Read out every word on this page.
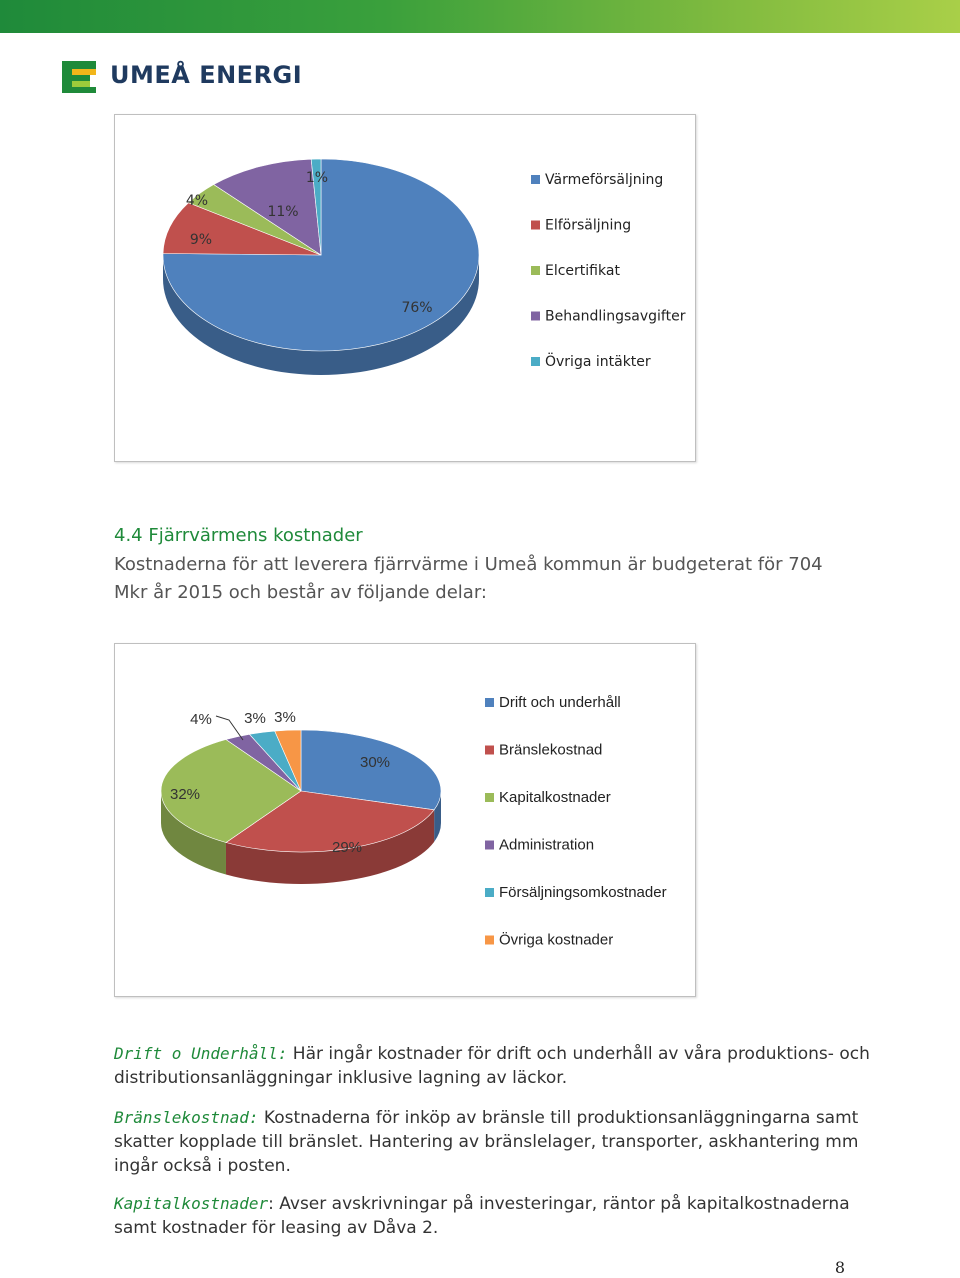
UMEÅ ENERGI
76%
9%
4%
11%
1%	Värmeförsäljning
Elförsäljning
Elcertifikat
Behandlingsavgifter
Övriga intäkter
4.4 Fjärrvärmens kostnader
Kostnaderna för att leverera fjärrvärme i Umeå kommun är budgeterat för 704 Mkr år 2015 och består av följande delar:
30%
29%
32%
4% 3% 3%
Drift och underhåll
Bränslekostnad
Kapitalkostnader
Administration
Försäljningsomkostnader
Övriga kostnader
Drift o Underhåll: Här ingår kostnader för drift och underhåll av våra produktions- och distributionsanläggningar inklusive lagning av läckor.
Bränslekostnad: Kostnaderna för inköp av bränsle till produktionsanläggningarna samt skatter kopplade till bränslet. Hantering av bränslelager, transporter, askhantering mm ingår också i posten.
Kapitalkostnader: Avser avskrivningar på investeringar, räntor på kapitalkostnaderna samt kostnader för leasing av Dåva 2.
8
